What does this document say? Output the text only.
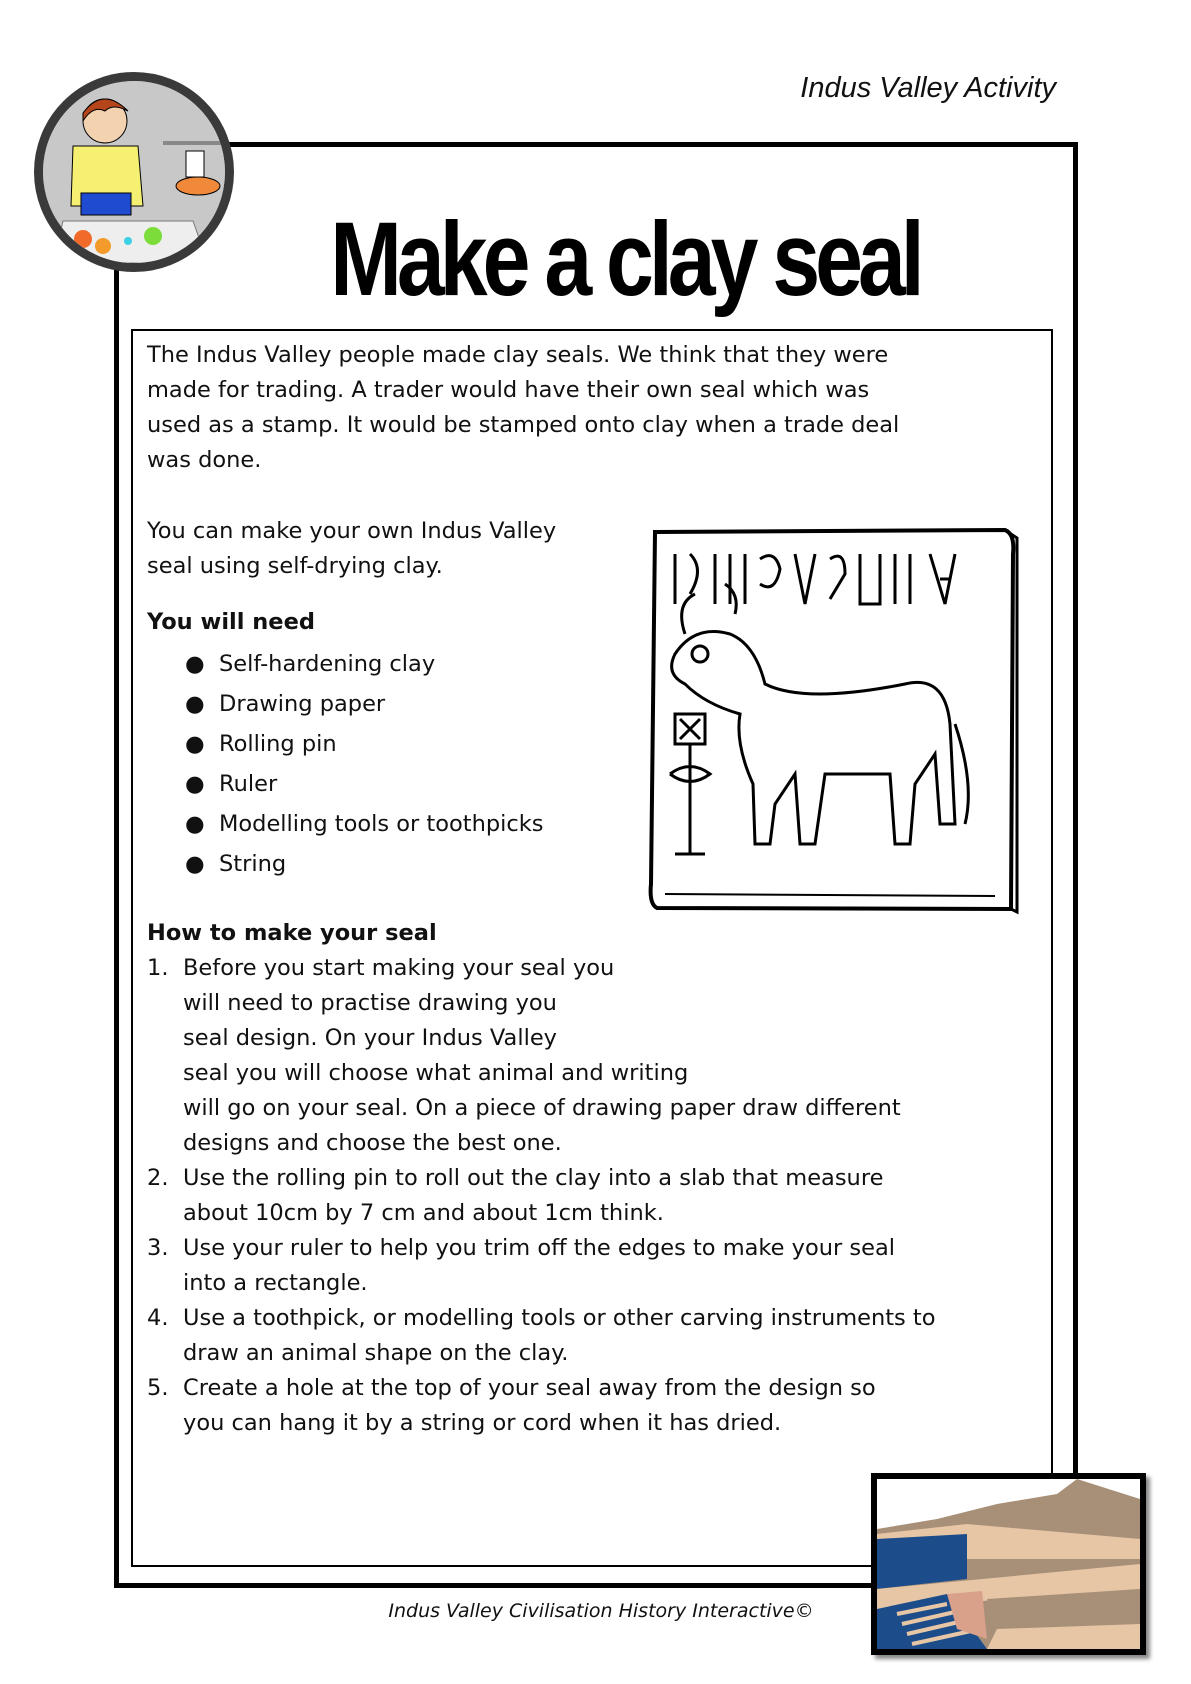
Indus Valley Activity
Make a clay seal
The Indus Valley people made clay seals. We think that they were
made for trading. A trader would have their own seal which was
used as a stamp. It would be stamped onto clay when a trade deal
was done.
You can make your own Indus Valley
seal using self-drying clay.
You will need
● Self-hardening clay
● Drawing paper
● Rolling pin
● Ruler
● Modelling tools or toothpicks
● String
How to make your seal
1. Before you start making your seal you
will need to practise drawing you
seal design. On your Indus Valley
seal you will choose what animal and writing
will go on your seal. On a piece of drawing paper draw different
designs and choose the best one.
2. Use the rolling pin to roll out the clay into a slab that measure
about 10cm by 7 cm and about 1cm think.
3. Use your ruler to help you trim off the edges to make your seal
into a rectangle.
4. Use a toothpick, or modelling tools or other carving instruments to
draw an animal shape on the clay.
5. Create a hole at the top of your seal away from the design so
you can hang it by a string or cord when it has dried.
Indus Valley Civilisation History Interactive©
